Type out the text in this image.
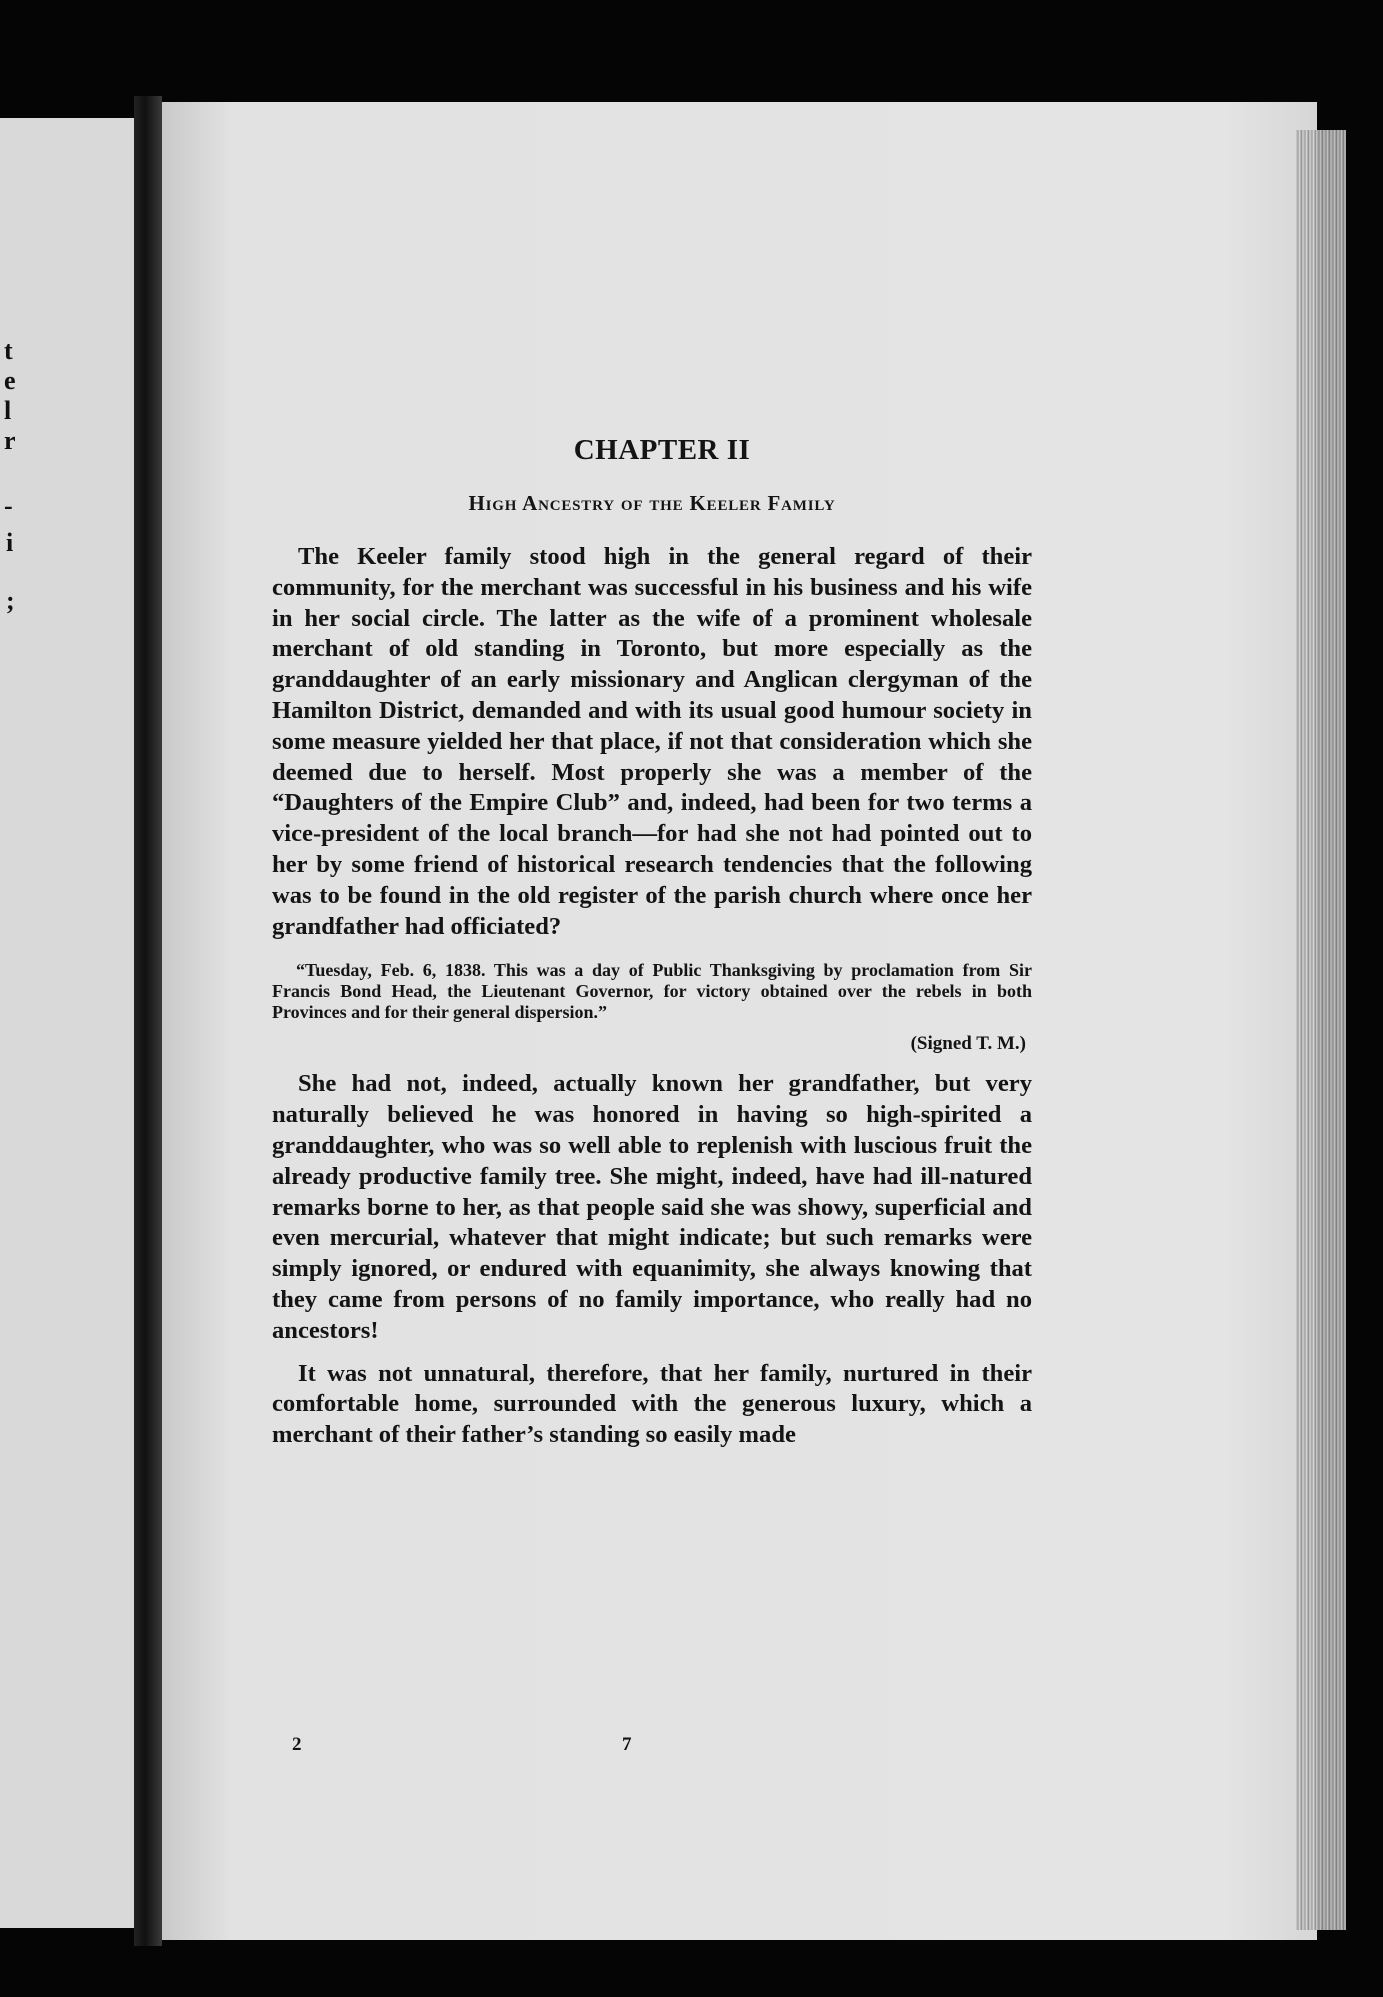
t
e
l
r
-
i
;
CHAPTER II
High Ancestry of the Keeler Family

The Keeler family stood high in the general regard of their community, for the merchant was successful in his business and his wife in her social circle. The latter as the wife of a prominent wholesale merchant of old standing in Toronto, but more especially as the granddaughter of an early missionary and Anglican clergyman of the Hamilton District, demanded and with its usual good humour society in some measure yielded her that place, if not that consideration which she deemed due to herself. Most properly she was a member of the “Daughters of the Empire Club” and, indeed, had been for two terms a vice-president of the local branch—for had she not had pointed out to her by some friend of historical research tendencies that the following was to be found in the old register of the parish church where once her grandfather had officiated?

“Tuesday, Feb. 6, 1838. This was a day of Public Thanksgiving by proclamation from Sir Francis Bond Head, the Lieutenant Governor, for victory obtained over the rebels in both Provinces and for their general dispersion.”

(Signed T. M.)

She had not, indeed, actually known her grandfather, but very naturally believed he was honored in having so high-spirited a granddaughter, who was so well able to replenish with luscious fruit the already productive family tree. She might, indeed, have had ill-natured remarks borne to her, as that people said she was showy, superficial and even mercurial, whatever that might indicate; but such remarks were simply ignored, or endured with equanimity, she always knowing that they came from persons of no family importance, who really had no ancestors!

It was not unnatural, therefore, that her family, nurtured in their comfortable home, surrounded with the generous luxury, which a merchant of their father’s standing so easily made

2	7
